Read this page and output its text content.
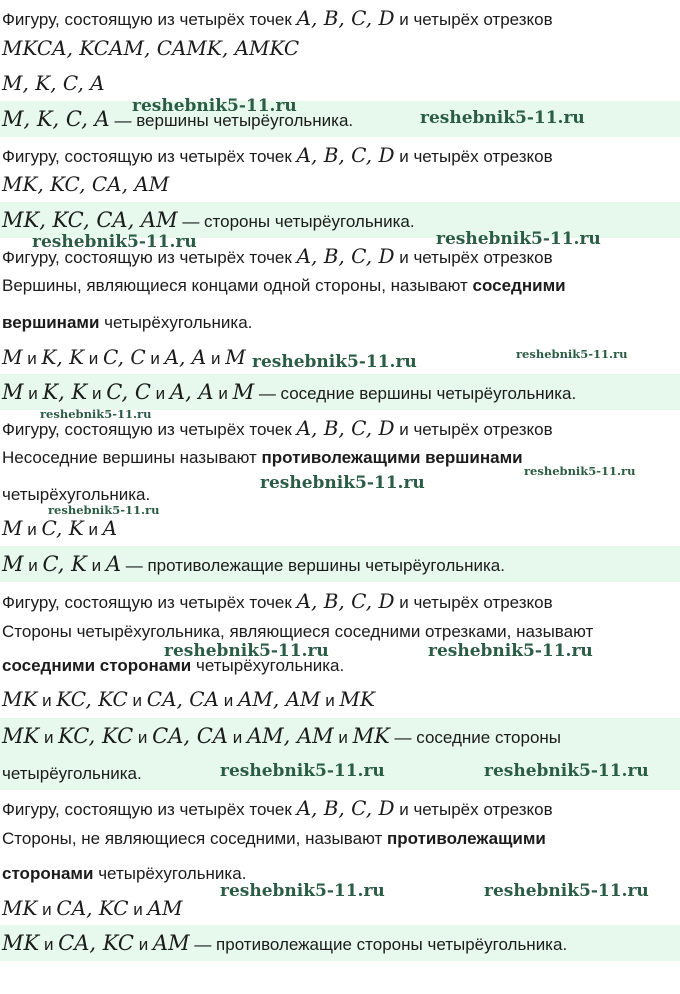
Фигуру, состоящую из четырёх точек A, B, C, D и четырёх отрезков
MKCA, KCAM, CAMK, AMKC
M, K, C, A
M, K, C, A — вершины четырёугольника.
Фигуру, состоящую из четырёх точек A, B, C, D и четырёх отрезков
MK, KC, CA, AM
MK, KC, CA, AM — стороны четырёугольника.
Фигуру, состоящую из четырёх точек A, B, C, D и четырёх отрезков
Вершины, являющиеся концами одной стороны, называют соседними
вершинами четырёхугольника.
M и K, K и C, C и A, A и M
M и K, K и C, C и A, A и M — соседние вершины четырёугольника.
Фигуру, состоящую из четырёх точек A, B, C, D и четырёх отрезков
Несоседние вершины называют противолежащими вершинами
четырёхугольника.
M и C, K и A
M и C, K и A — противолежащие вершины четырёугольника.
Фигуру, состоящую из четырёх точек A, B, C, D и четырёх отрезков
Стороны четырёхугольника, являющиеся соседними отрезками, называют
соседними сторонами четырёхугольника.
MK и KC, KC и CA, CA и AM, AM и MK
MK и KC, KC и CA, CA и AM, AM и MK — соседние стороны
четырёугольника.
Фигуру, состоящую из четырёх точек A, B, C, D и четырёх отрезков
Стороны, не являющиеся соседними, называют противолежащими
сторонами четырёхугольника.
MK и CA, KC и AM
MK и CA, KC и AM — противолежащие стороны четырёугольника.
reshebnik5-11.ru
reshebnik5-11.ru
reshebnik5-11.ru	reshebnik5-11.ru
reshebnik5-11.ru	reshebnik5-11.ru
reshebnik5-11.ru
reshebnik5-11.ru
reshebnik5-11.ru
reshebnik5-11.ru
reshebnik5-11.ru	reshebnik5-11.ru
reshebnik5-11.ru	reshebnik5-11.ru
reshebnik5-11.ru	reshebnik5-11.ru
